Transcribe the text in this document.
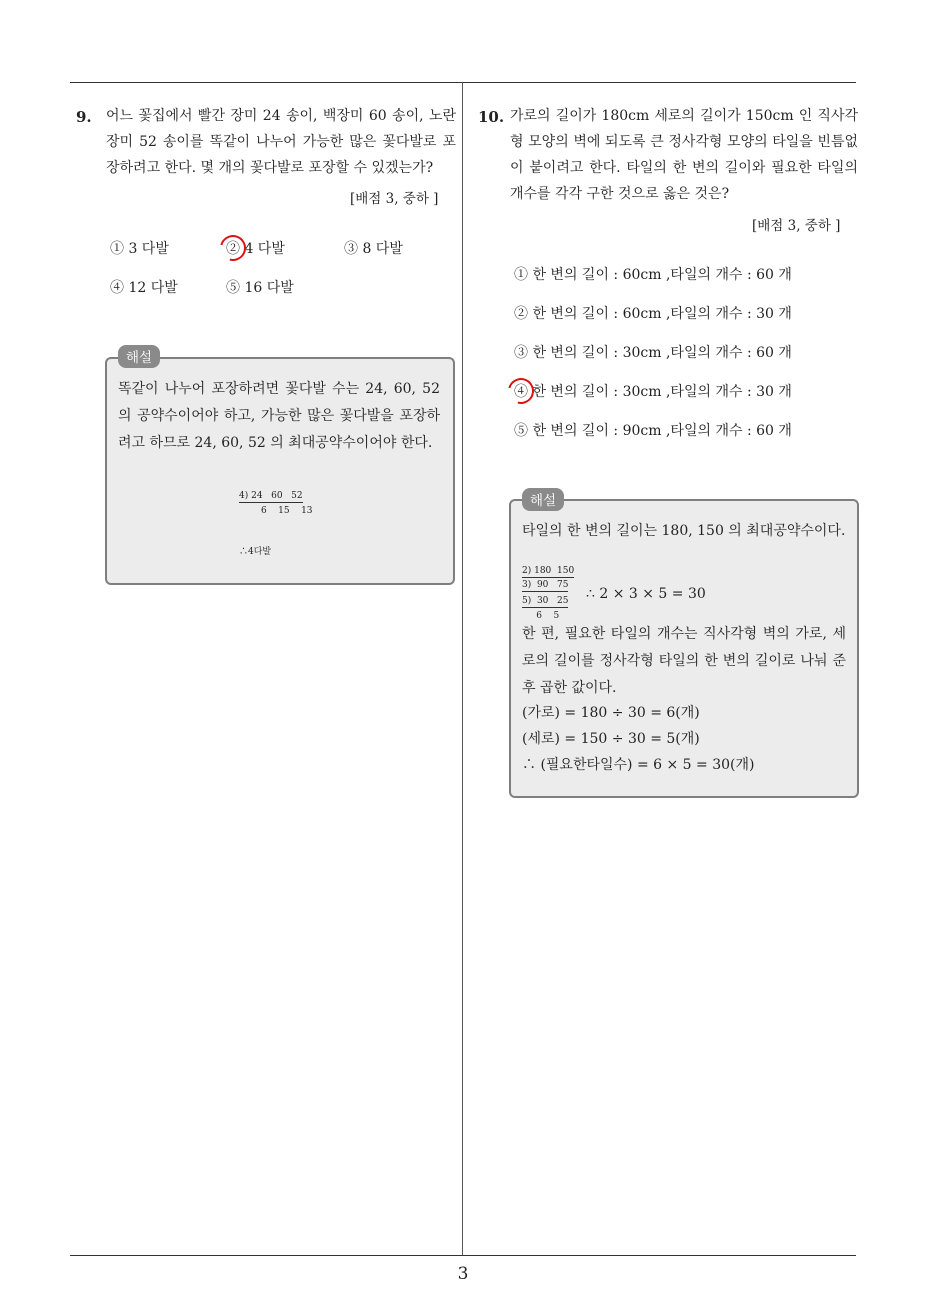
9. 어느 꽃집에서 빨간 장미 24 송이, 백장미 60 송이, 노란 장미 52 송이를 똑같이 나누어 가능한 많은 꽃다발로 포장하려고 한다. 몇 개의 꽃다발로 포장할 수 있겠는가?
[배점 3, 중하 ]
① 3 다발	② 4 다발	③ 8 다발
④ 12 다발	⑤ 16 다발
해설
똑같이 나누어 포장하려면 꽃다발 수는 24, 60, 52 의 공약수이어야 하고, 가능한 많은 꽃다발을 포장하려고 하므로 24, 60, 52 의 최대공약수이어야 한다.
4) 24   60   52
6    15    13
∴4다발
10. 가로의 길이가 180cm 세로의 길이가 150cm 인 직사각형 모양의 벽에 되도록 큰 정사각형 모양의 타일을 빈틈없이 붙이려고 한다. 타일의 한 변의 길이와 필요한 타일의 개수를 각각 구한 것으로 옳은 것은?
[배점 3, 중하 ]
① 한 변의 길이 : 60cm ,타일의 개수 : 60 개
② 한 변의 길이 : 60cm ,타일의 개수 : 30 개
③ 한 변의 길이 : 30cm ,타일의 개수 : 60 개
④ 한 변의 길이 : 30cm ,타일의 개수 : 30 개
⑤ 한 변의 길이 : 90cm ,타일의 개수 : 60 개
해설
타일의 한 변의 길이는 180, 150 의 최대공약수이다.
2) 180  150
3)  90   75
5)  30   25
6    5
∴ 2 × 3 × 5 = 30
한 편, 필요한 타일의 개수는 직사각형 벽의 가로, 세로의 길이를 정사각형 타일의 한 변의 길이로 나눠 준 후 곱한 값이다.
(가로) = 180 ÷ 30 = 6(개)
(세로) = 150 ÷ 30 = 5(개)
∴ (필요한타일수) = 6 × 5 = 30(개)
3
